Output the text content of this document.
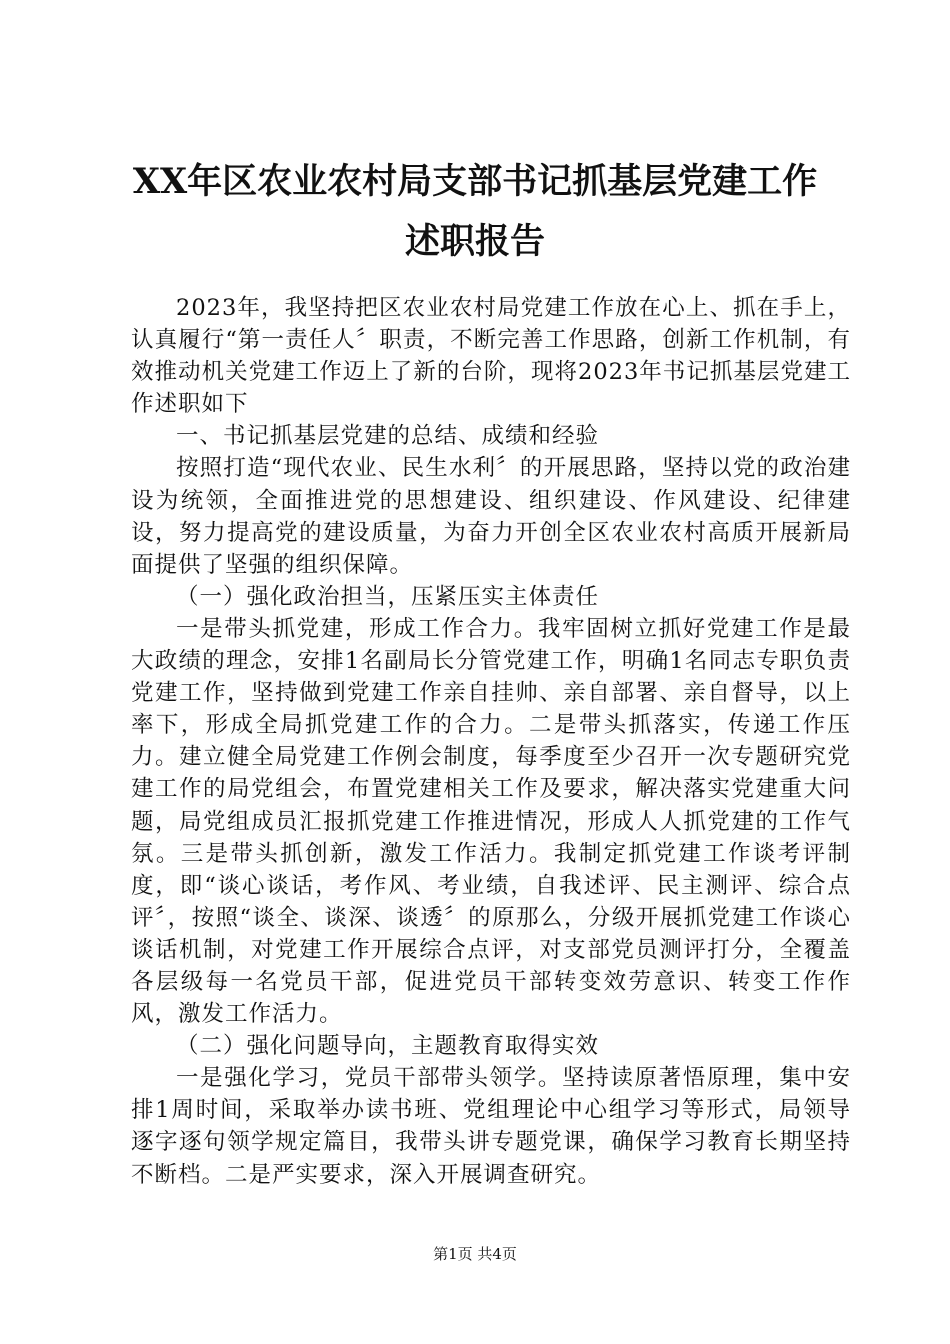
XX年区农业农村局支部书记抓基层党建工作
述职报告

2023年，我坚持把区农业农村局党建工作放在心上、抓在手上，认真履行“第一责任人〞职责，不断完善工作思路，创新工作机制，有效推动机关党建工作迈上了新的台阶，现将2023年书记抓基层党建工作述职如下

一、书记抓基层党建的总结、成绩和经验

按照打造“现代农业、民生水利〞的开展思路，坚持以党的政治建设为统领，全面推进党的思想建设、组织建设、作风建设、纪律建设，努力提高党的建设质量，为奋力开创全区农业农村高质开展新局面提供了坚强的组织保障。

（一）强化政治担当，压紧压实主体责任

一是带头抓党建，形成工作合力。我牢固树立抓好党建工作是最大政绩的理念，安排1名副局长分管党建工作，明确1名同志专职负责党建工作，坚持做到党建工作亲自挂帅、亲自部署、亲自督导，以上率下，形成全局抓党建工作的合力。二是带头抓落实，传递工作压力。建立健全局党建工作例会制度，每季度至少召开一次专题研究党建工作的局党组会，布置党建相关工作及要求，解决落实党建重大问题，局党组成员汇报抓党建工作推进情况，形成人人抓党建的工作气氛。三是带头抓创新，激发工作活力。我制定抓党建工作谈考评制度，即“谈心谈话，考作风、考业绩，自我述评、民主测评、综合点评〞，按照“谈全、谈深、谈透〞的原那么，分级开展抓党建工作谈心谈话机制，对党建工作开展综合点评，对支部党员测评打分，全覆盖各层级每一名党员干部，促进党员干部转变效劳意识、转变工作作风，激发工作活力。

（二）强化问题导向，主题教育取得实效

一是强化学习，党员干部带头领学。坚持读原著悟原理，集中安排1周时间，采取举办读书班、党组理论中心组学习等形式，局领导逐字逐句领学规定篇目，我带头讲专题党课，确保学习教育长期坚持不断档。二是严实要求，深入开展调查研究。

第1页 共4页
